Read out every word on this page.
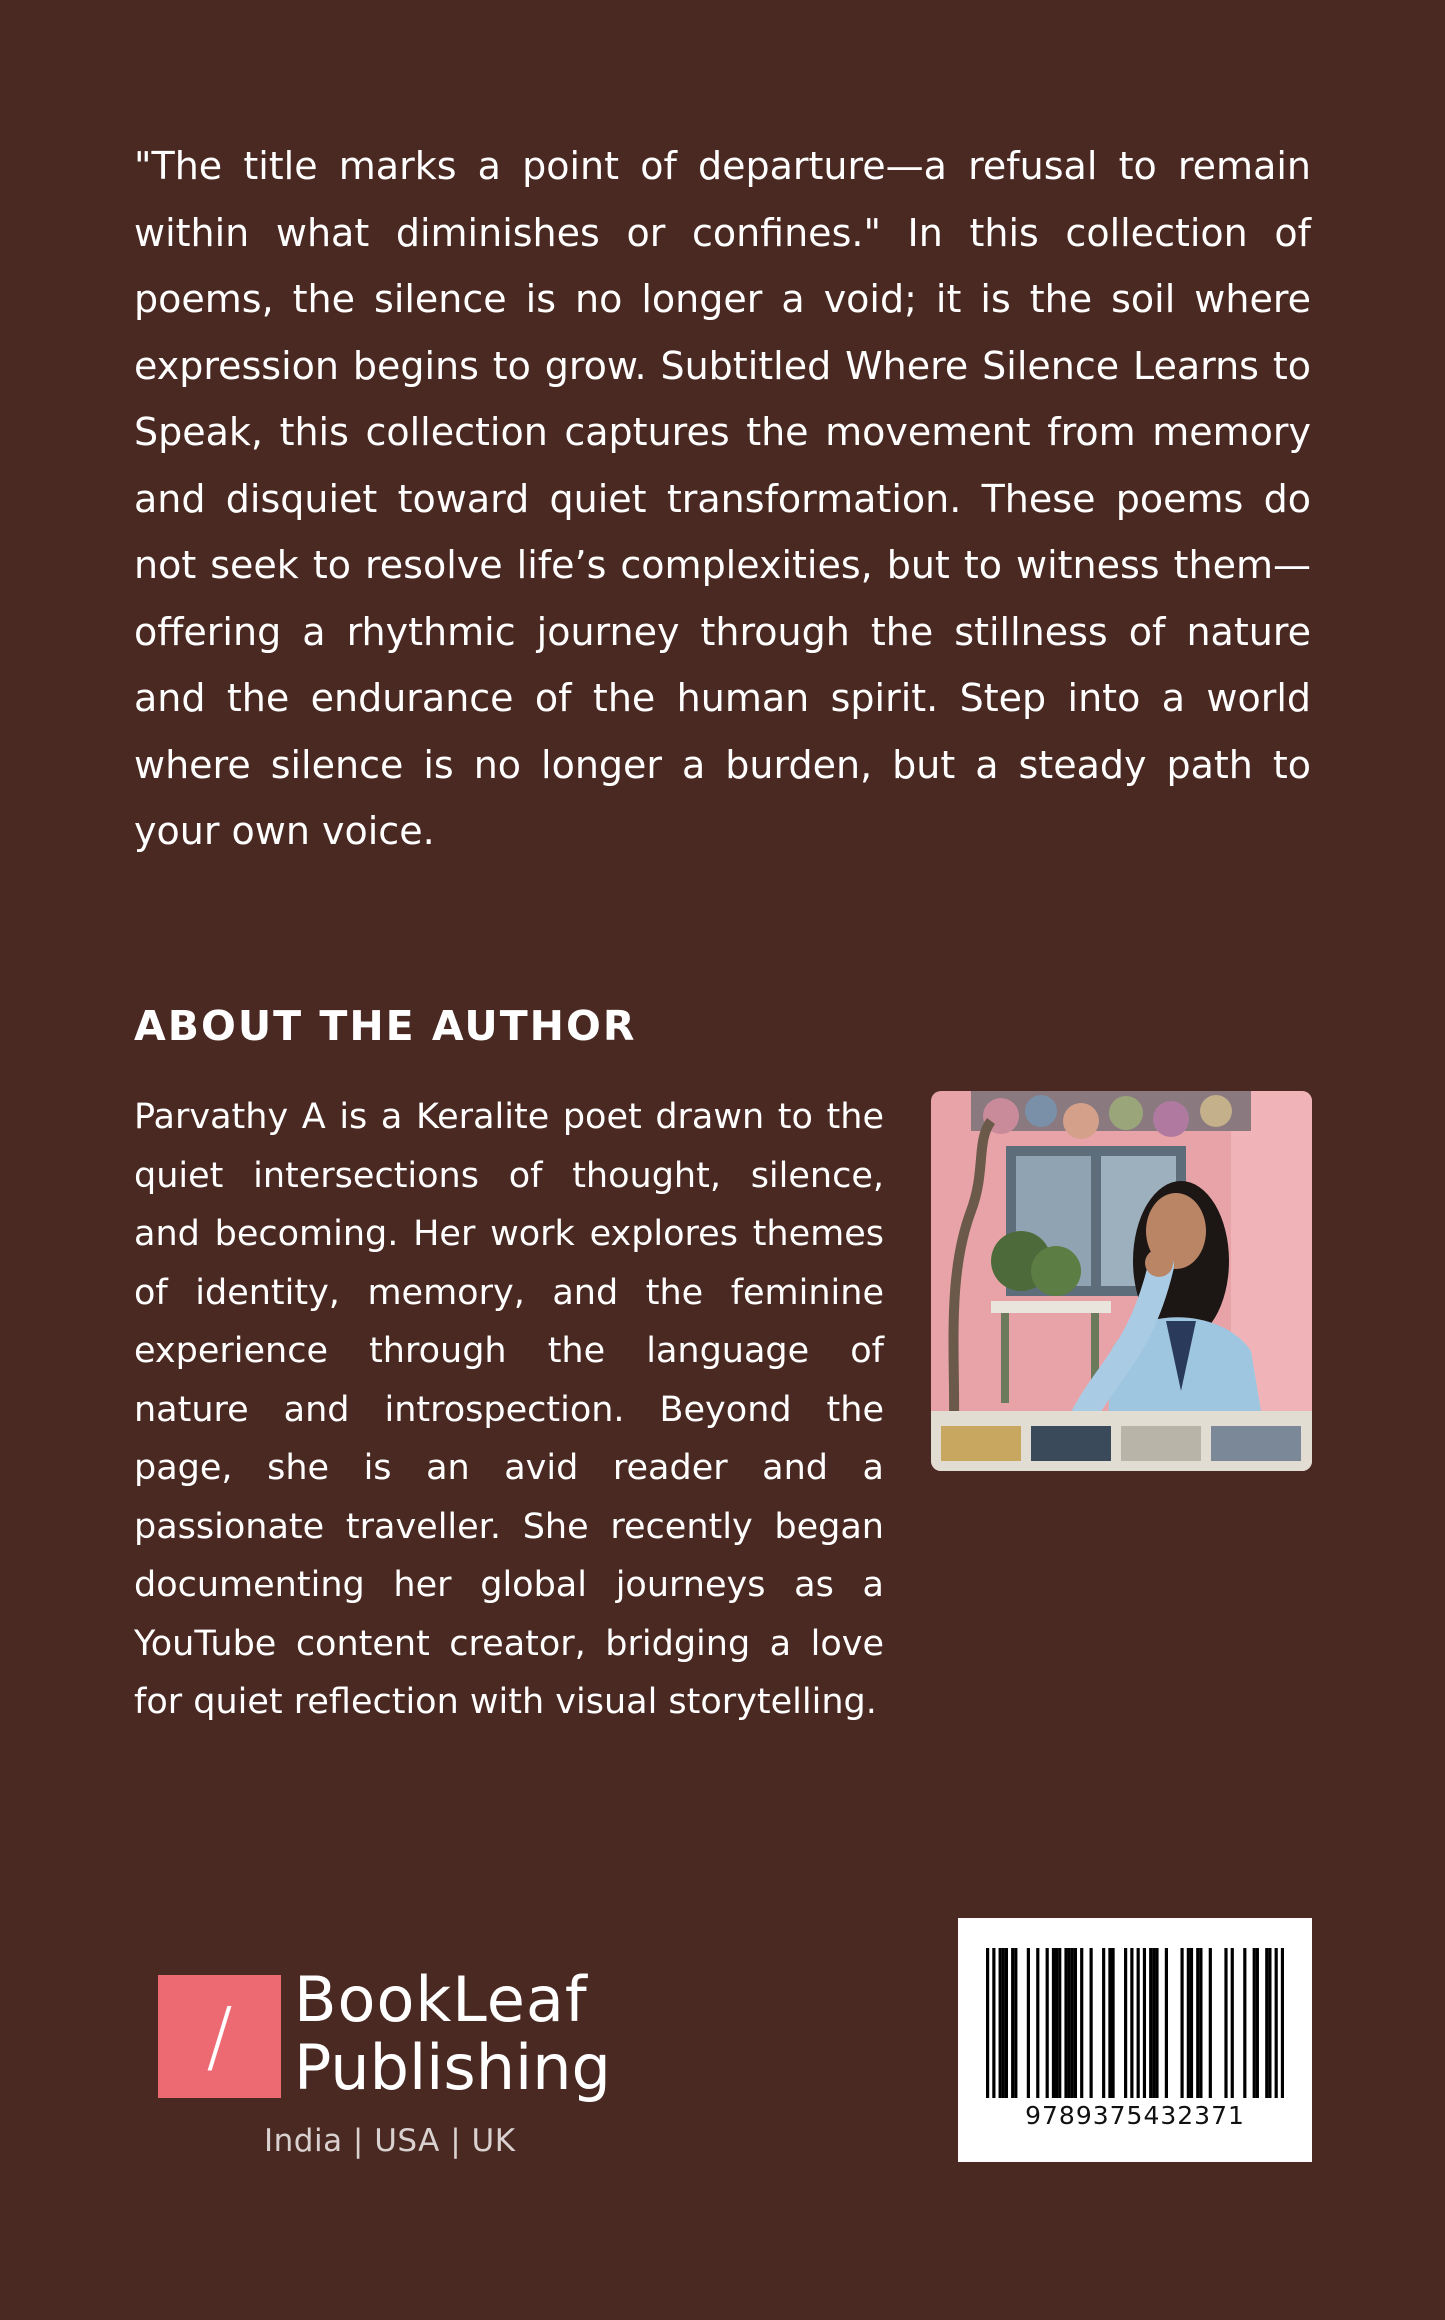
"The title marks a point of departure—a refusal to remain within what diminishes or confines." In this collection of poems, the silence is no longer a void; it is the soil where expression begins to grow. Subtitled Where Silence Learns to Speak, this collection captures the movement from memory and disquiet toward quiet transformation. These poems do not seek to resolve life’s complexities, but to witness them—offering a rhythmic journey through the stillness of nature and the endurance of the human spirit. Step into a world where silence is no longer a burden, but a steady path to your own voice.

ABOUT THE AUTHOR

Parvathy A is a Keralite poet drawn to the quiet intersections of thought, silence, and becoming. Her work explores themes of identity, memory, and the feminine experience through the language of nature and introspection. Beyond the page, she is an avid reader and a passionate traveller. She recently began documenting her global journeys as a YouTube content creator, bridging a love for quiet reflection with visual storytelling.

/ BookLeaf
Publishing
India | USA | UK
9789375432371
